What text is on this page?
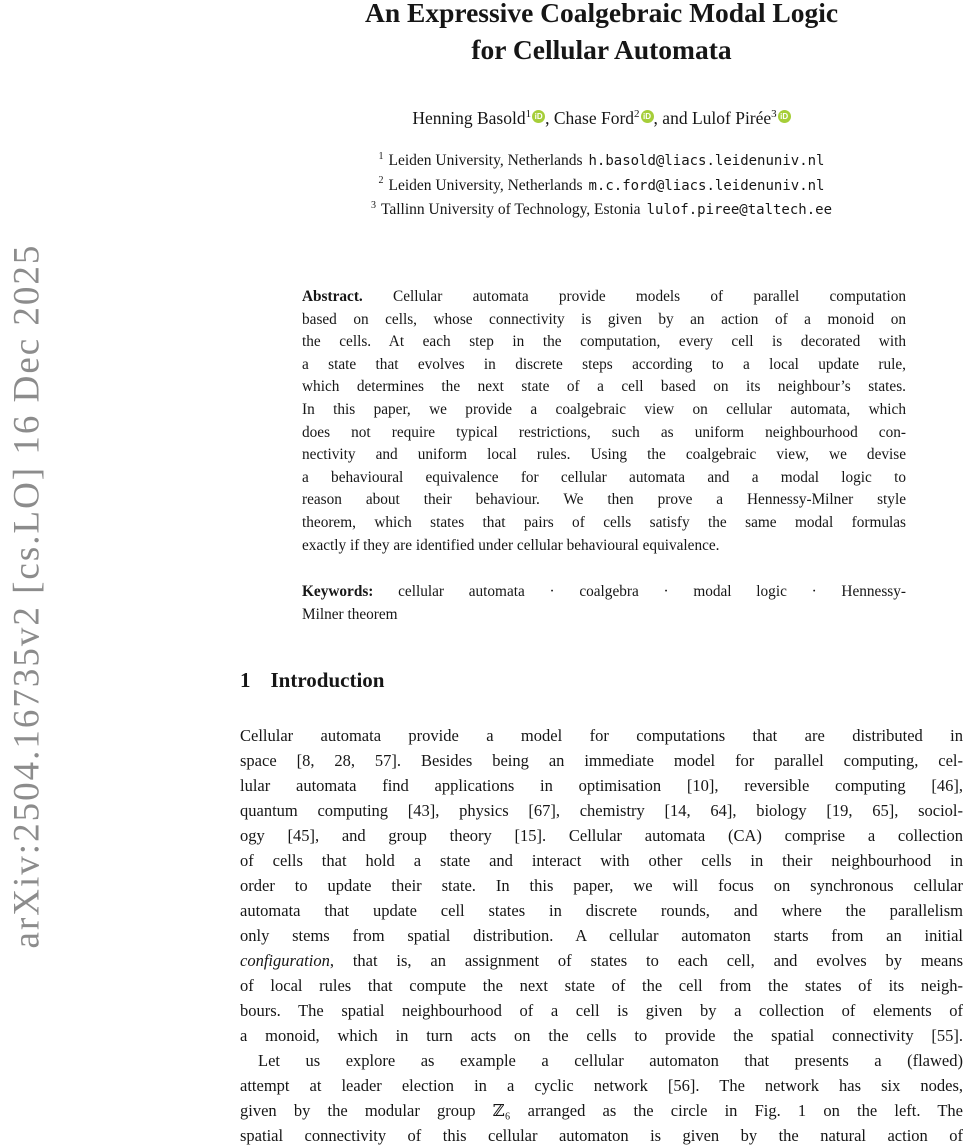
arXiv:2504.16735v2 [cs.LO] 16 Dec 2025
An Expressive Coalgebraic Modal Logic
for Cellular Automata
Henning Basold$^1$ iD , Chase Ford$^2$ iD , and Lulof Pirée$^3$ iD
$^1$ Leiden University, Netherlands h.basold@liacs.leidenuniv.nl
$^2$ Leiden University, Netherlands m.c.ford@liacs.leidenuniv.nl
$^3$ Tallinn University of Technology, Estonia lulof.piree@taltech.ee
Abstract. Cellular automata provide models of parallel computation
based on cells, whose connectivity is given by an action of a monoid on
the cells. At each step in the computation, every cell is decorated with
a state that evolves in discrete steps according to a local update rule,
which determines the next state of a cell based on its neighbour’s states.
In this paper, we provide a coalgebraic view on cellular automata, which
does not require typical restrictions, such as uniform neighbourhood con-
nectivity and uniform local rules. Using the coalgebraic view, we devise
a behavioural equivalence for cellular automata and a modal logic to
reason about their behaviour. We then prove a Hennessy-Milner style
theorem, which states that pairs of cells satisfy the same modal formulas
exactly if they are identified under cellular behavioural equivalence.
Keywords: cellular automata · coalgebra · modal logic · Hennessy-
Milner theorem
1 Introduction
Cellular automata provide a model for computations that are distributed in
space [8, 28, 57]. Besides being an immediate model for parallel computing, cel-
lular automata find applications in optimisation [10], reversible computing [46],
quantum computing [43], physics [67], chemistry [14, 64], biology [19, 65], sociol-
ogy [45], and group theory [15]. Cellular automata (CA) comprise a collection
of cells that hold a state and interact with other cells in their neighbourhood in
order to update their state. In this paper, we will focus on synchronous cellular
automata that update cell states in discrete rounds, and where the parallelism
only stems from spatial distribution. A cellular automaton starts from an initial
configuration, that is, an assignment of states to each cell, and evolves by means
of local rules that compute the next state of the cell from the states of its neigh-
bours. The spatial neighbourhood of a cell is given by a collection of elements of
a monoid, which in turn acts on the cells to provide the spatial connectivity [55].
Let us explore as example a cellular automaton that presents a (flawed)
attempt at leader election in a cyclic network [56]. The network has six nodes,
given by the modular group ℤ₆ arranged as the circle in Fig. 1 on the left. The
spatial connectivity of this cellular automaton is given by the natural action of
